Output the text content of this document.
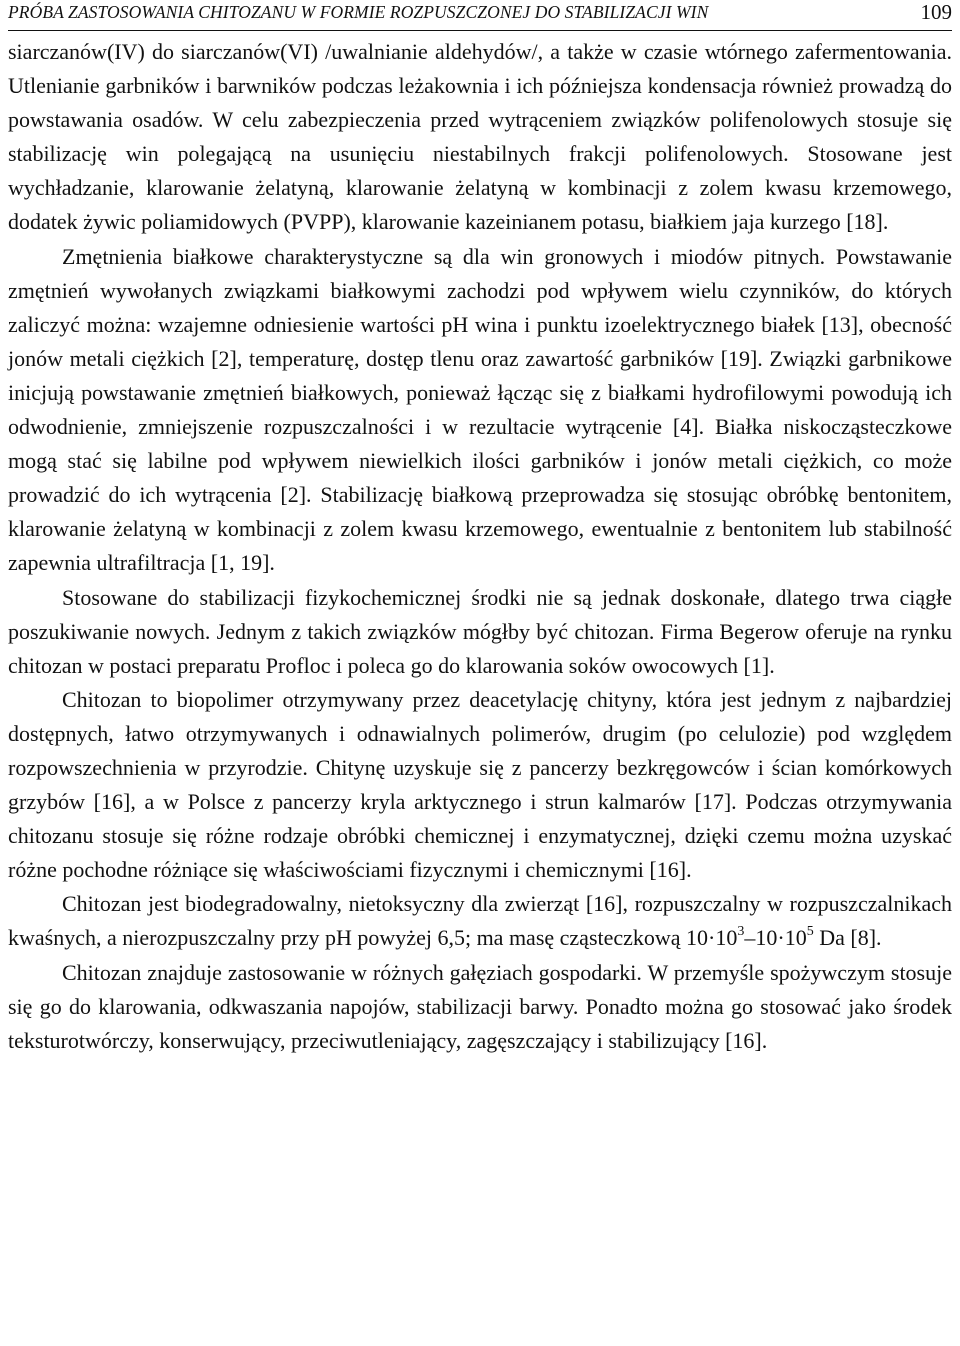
PRÓBA ZASTOSOWANIA CHITOZANU W FORMIE ROZPUSZCZONEJ DO STABILIZACJI WIN	109

siarczanów(IV) do siarczanów(VI) /uwalnianie aldehydów/, a także w czasie wtórnego zafermentowania. Utlenianie garbników i barwników podczas leżakownia i ich późniejsza kondensacja również prowadzą do powstawania osadów. W celu zabezpieczenia przed wytrąceniem związków polifenolowych stosuje się stabilizację win polegającą na usunięciu niestabilnych frakcji polifenolowych. Stosowane jest wychładzanie, klarowanie żelatyną, klarowanie żelatyną w kombinacji z zolem kwasu krzemowego, dodatek żywic poliamidowych (PVPP), klarowanie kazeinianem potasu, białkiem jaja kurzego [18].

Zmętnienia białkowe charakterystyczne są dla win gronowych i miodów pitnych. Powstawanie zmętnień wywołanych związkami białkowymi zachodzi pod wpływem wielu czynników, do których zaliczyć można: wzajemne odniesienie wartości pH wina i punktu izoelektrycznego białek [13], obecność jonów metali ciężkich [2], temperaturę, dostęp tlenu oraz zawartość garbników [19]. Związki garbnikowe inicjują powstawanie zmętnień białkowych, ponieważ łącząc się z białkami hydrofilowymi powodują ich odwodnienie, zmniejszenie rozpuszczalności i w rezultacie wytrącenie [4]. Białka niskocząsteczkowe mogą stać się labilne pod wpływem niewielkich ilości garbników i jonów metali ciężkich, co może prowadzić do ich wytrącenia [2]. Stabilizację białkową przeprowadza się stosując obróbkę bentonitem, klarowanie żelatyną w kombinacji z zolem kwasu krzemowego, ewentualnie z bentonitem lub stabilność zapewnia ultrafiltracja [1, 19].

Stosowane do stabilizacji fizykochemicznej środki nie są jednak doskonałe, dlatego trwa ciągłe poszukiwanie nowych. Jednym z takich związków mógłby być chitozan. Firma Begerow oferuje na rynku chitozan w postaci preparatu Profloc i poleca go do klarowania soków owocowych [1].

Chitozan to biopolimer otrzymywany przez deacetylację chityny, która jest jednym z najbardziej dostępnych, łatwo otrzymywanych i odnawialnych polimerów, drugim (po celulozie) pod względem rozpowszechnienia w przyrodzie. Chitynę uzyskuje się z pancerzy bezkręgowców i ścian komórkowych grzybów [16], a w Polsce z pancerzy kryla arktycznego i strun kalmarów [17]. Podczas otrzymywania chitozanu stosuje się różne rodzaje obróbki chemicznej i enzymatycznej, dzięki czemu można uzyskać różne pochodne różniące się właściwościami fizycznymi i chemicznymi [16].

Chitozan jest biodegradowalny, nietoksyczny dla zwierząt [16], rozpuszczalny w rozpuszczalnikach kwaśnych, a nierozpuszczalny przy pH powyżej 6,5; ma masę cząsteczkową $10\cdot 10^3-10\cdot 10^5$ Da [8].

Chitozan znajduje zastosowanie w różnych gałęziach gospodarki. W przemyśle spożywczym stosuje się go do klarowania, odkwaszania napojów, stabilizacji barwy. Ponadto można go stosować jako środek teksturotwórczy, konserwujący, przeciwutleniający, zagęszczający i stabilizujący [16].
